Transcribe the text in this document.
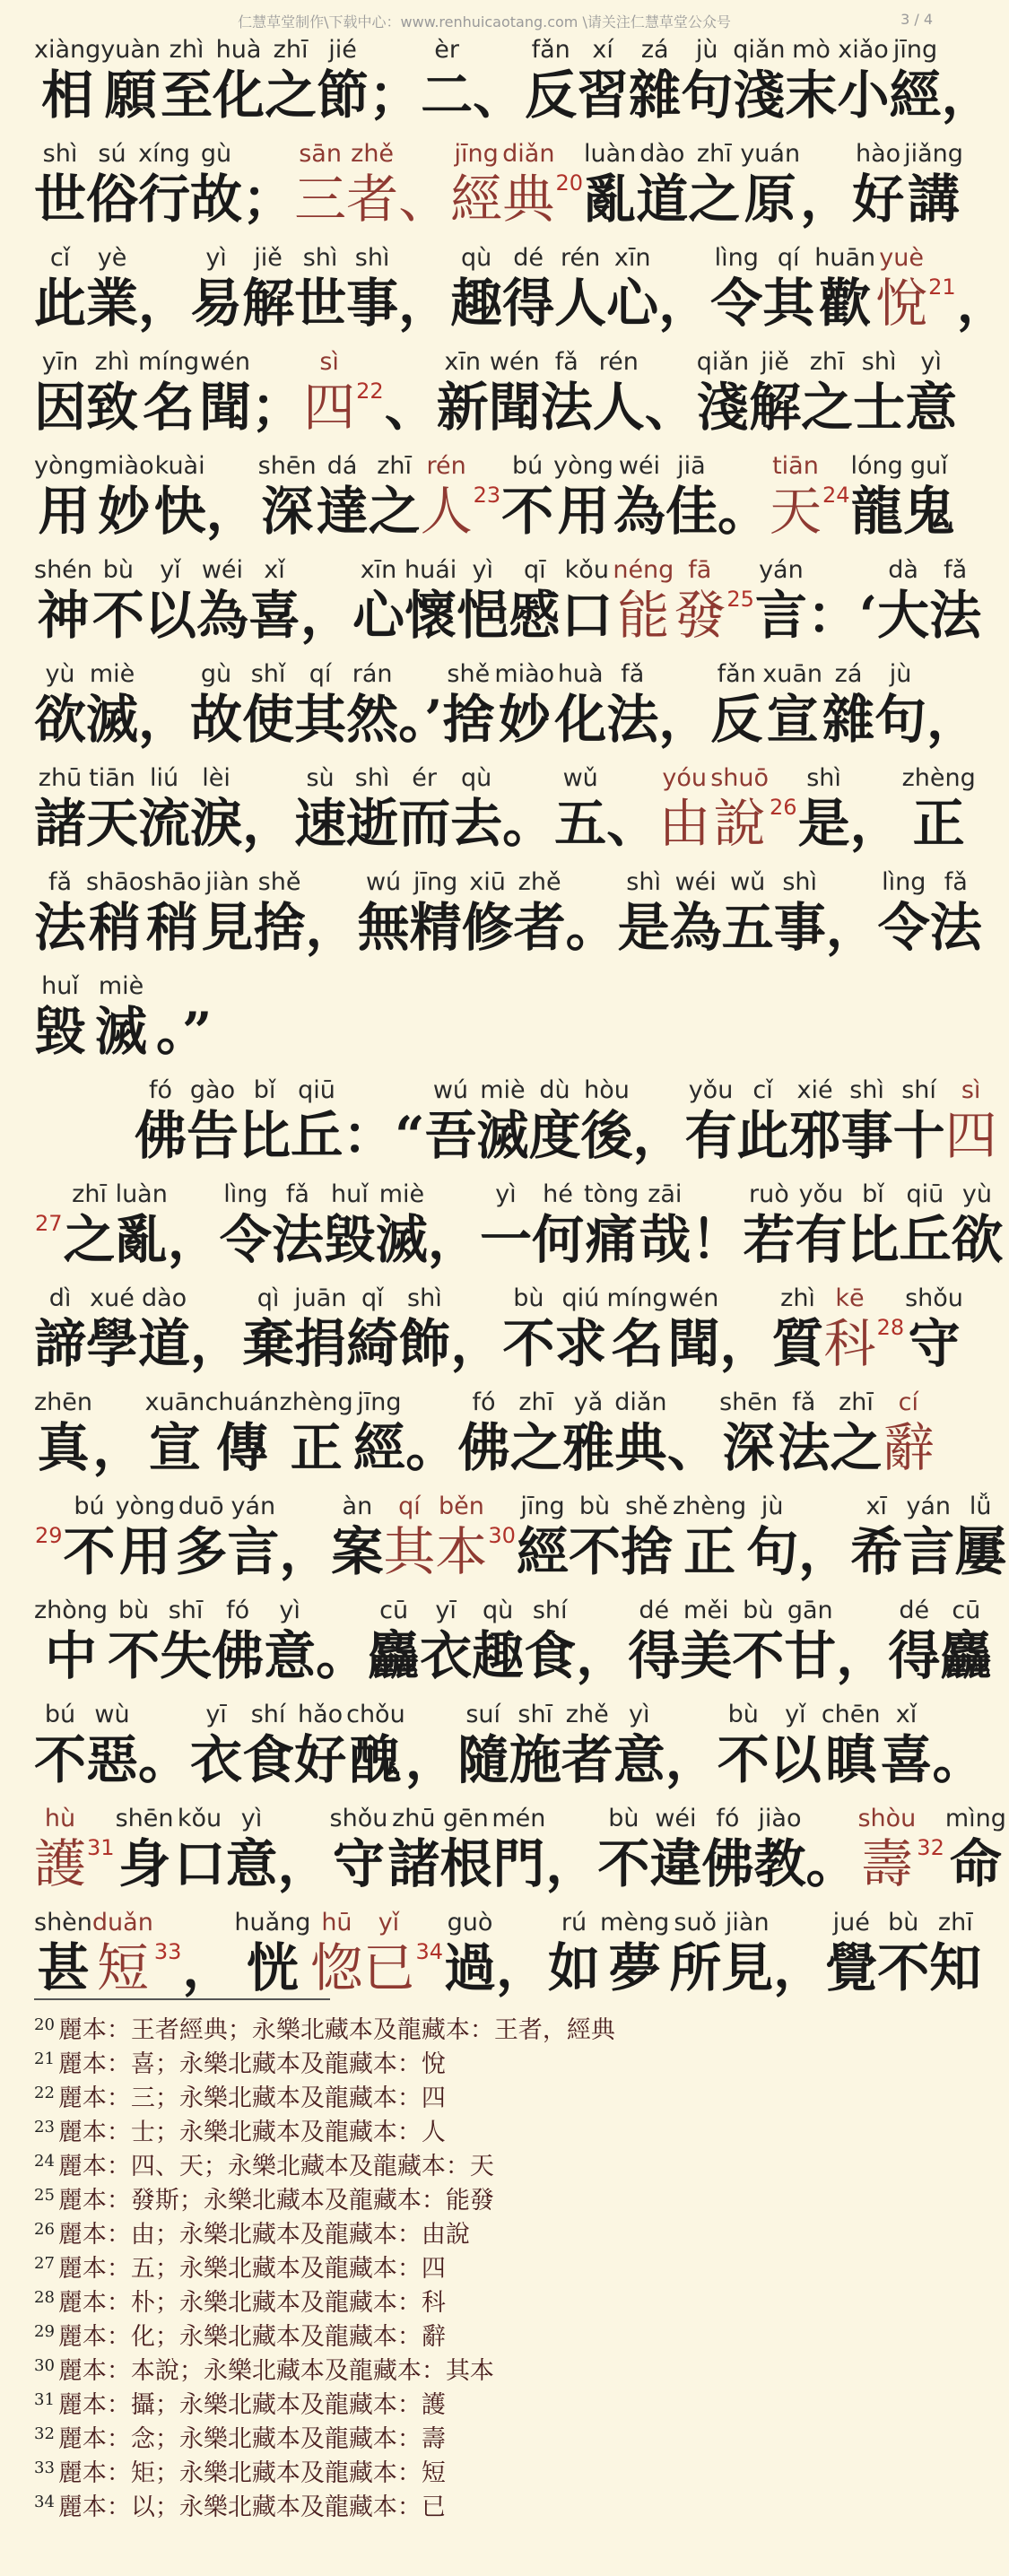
仁慧草堂制作\下载中心：www.renhuicaotang.com \请关注仁慧草堂公众号	3 / 4
xiàng
相
yuàn
願
zhì
至
huà
化
zhī
之
jié
節 ；
èr
二 、
fǎn
反
xí
習
zá
雜
jù
句
qiǎn
淺
mò
末
xiǎo
小
jīng
經 ，
shì
世
sú
俗
xíng
行
gù
故 ；
sān
三
zhě
者 、
jīng
經
diǎn
典 20
luàn
亂
dào
道
zhī
之
yuán
原 ，
hào
好
jiǎng
講
cǐ
此
yè
業 ，
yì
易
jiě
解
shì
世
shì
事 ，
qù
趣
dé
得
rén
人
xīn
心 ，
lìng
令
qí
其
huān
歡
yuè
悅 21 ，
yīn
因
zhì
致
míng
名
wén
聞 ；
sì
四 22 、
xīn
新
wén
聞
fǎ
法
rén
人 、
qiǎn
淺
jiě
解
zhī
之
shì
士
yì
意
yòng
用
miào
妙
kuài
快 ，
shēn
深
dá
達
zhī
之
rén
人 23
bú
不
yòng
用
wéi
為
jiā
佳 。
tiān
天 24
lóng
龍
guǐ
鬼
shén
神
bù
不
yǐ
以
wéi
為
xǐ
喜 ，
xīn
心
huái
懷
yì
悒
qī
慼
kǒu
口
néng
能
fā
發 25
yán
言 ：‘
dà
大
fǎ
法
yù
欲
miè
滅 ，
gù
故
shǐ
使
qí
其
rán
然 。’
shě
捨
miào
妙
huà
化
fǎ
法 ，
fǎn
反
xuān
宣
zá
雜
jù
句 ，
zhū
諸
tiān
天
liú
流
lèi
淚 ，
sù
速
shì
逝
ér
而
qù
去 。
wǔ
五 、
yóu
由
shuō
說 26
shì
是 ，
zhèng
正
fǎ
法
shāo
稍
shāo
稍
jiàn
見
shě
捨 ，
wú
無
jīng
精
xiū
修
zhě
者 。
shì
是
wéi
為
wǔ
五
shì
事 ，
lìng
令
fǎ
法
huǐ
毀
miè
滅 。”
fó
佛
gào
告
bǐ
比
qiū
丘 ：“
wú
吾
miè
滅
dù
度
hòu
後 ，
yǒu
有
cǐ
此
xié
邪
shì
事
shí
十
sì
四
27
zhī
之
luàn
亂 ，
lìng
令
fǎ
法
huǐ
毀
miè
滅 ，
yì
一
hé
何
tòng
痛
zāi
哉 ！
ruò
若
yǒu
有
bǐ
比
qiū
丘
yù
欲
dì
諦
xué
學
dào
道 ，
qì
棄
juān
捐
qǐ
綺
shì
飾 ，
bù
不
qiú
求
míng
名
wén
聞 ，
zhì
質
kē
科 28
shǒu
守
zhēn
真 ，
xuān
宣
chuán
傳
zhèng
正
jīng
經 。
fó
佛
zhī
之
yǎ
雅
diǎn
典 、
shēn
深
fǎ
法
zhī
之
cí
辭
29
bú
不
yòng
用
duō
多
yán
言 ，
àn
案
qí
其
běn
本 30
jīng
經
bù
不
shě
捨
zhèng
正
jù
句 ，
xī
希
yán
言
lǚ
屢
zhòng
中
bù
不
shī
失
fó
佛
yì
意 。
cū
麤
yī
衣
qù
趣
shí
食 ，
dé
得
měi
美
bù
不
gān
甘 ，
dé
得
cū
麤
bú
不
wù
惡 。
yī
衣
shí
食
hǎo
好
chǒu
醜 ，
suí
隨
shī
施
zhě
者
yì
意 ，
bù
不
yǐ
以
chēn
瞋
xǐ
喜 。
hù
護 31
shēn
身
kǒu
口
yì
意 ，
shǒu
守
zhū
諸
gēn
根
mén
門 ，
bù
不
wéi
違
fó
佛
jiào
教 。
shòu
壽 32
mìng
命
shèn
甚
duǎn
短 33 ，
huǎng
恍
hū
惚
yǐ
已 34
guò
過 ，
rú
如
mèng
夢
suǒ
所
jiàn
見 ，
jué
覺
bù
不
zhī
知
$^{20}$ 麗本：王者經典；永樂北藏本及龍藏本：王者，經典
$^{21}$ 麗本：喜；永樂北藏本及龍藏本：悅
$^{22}$ 麗本：三；永樂北藏本及龍藏本：四
$^{23}$ 麗本：士；永樂北藏本及龍藏本：人
$^{24}$ 麗本：四、天；永樂北藏本及龍藏本：天
$^{25}$ 麗本：發斯；永樂北藏本及龍藏本：能發
$^{26}$ 麗本：由；永樂北藏本及龍藏本：由說
$^{27}$ 麗本：五；永樂北藏本及龍藏本：四
$^{28}$ 麗本：朴；永樂北藏本及龍藏本：科
$^{29}$ 麗本：化；永樂北藏本及龍藏本：辭
$^{30}$ 麗本：本說；永樂北藏本及龍藏本：其本
$^{31}$ 麗本：攝；永樂北藏本及龍藏本：護
$^{32}$ 麗本：念；永樂北藏本及龍藏本：壽
$^{33}$ 麗本：矩；永樂北藏本及龍藏本：短
$^{34}$ 麗本：以；永樂北藏本及龍藏本：已
